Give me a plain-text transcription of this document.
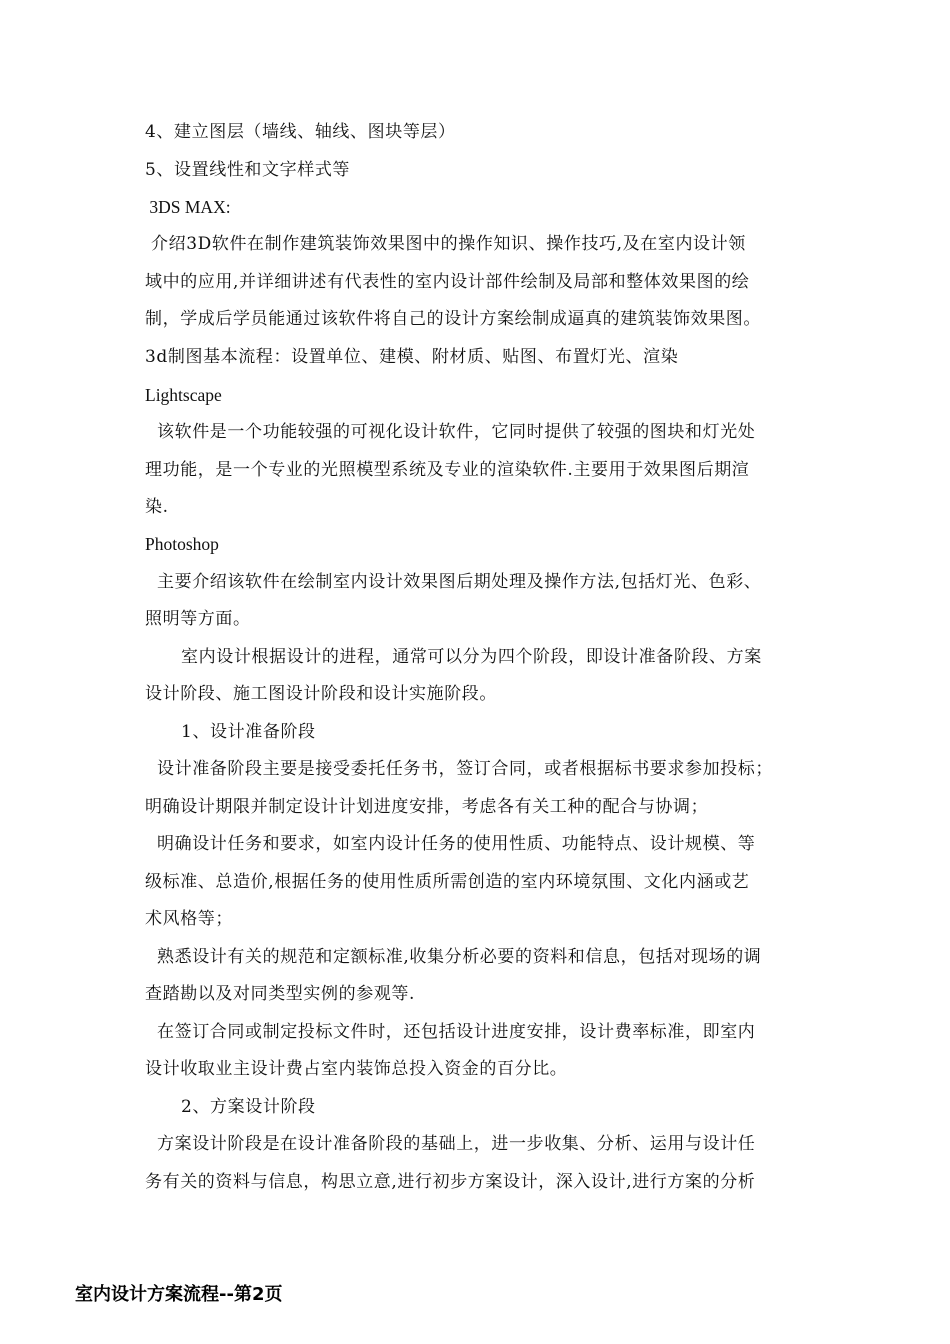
4、建立图层（墙线、轴线、图块等层）
5、设置线性和文字样式等
3DS MAX:
介绍3D软件在制作建筑装饰效果图中的操作知识、操作技巧,及在室内设计领
域中的应用,并详细讲述有代表性的室内设计部件绘制及局部和整体效果图的绘
制，学成后学员能通过该软件将自己的设计方案绘制成逼真的建筑装饰效果图。
3d制图基本流程：设置单位、建模、附材质、贴图、布置灯光、渲染
Lightscape
该软件是一个功能较强的可视化设计软件，它同时提供了较强的图块和灯光处
理功能，是一个专业的光照模型系统及专业的渲染软件.主要用于效果图后期渲
染.
Photoshop
主要介绍该软件在绘制室内设计效果图后期处理及操作方法,包括灯光、色彩、
照明等方面。
室内设计根据设计的进程，通常可以分为四个阶段，即设计准备阶段、方案
设计阶段、施工图设计阶段和设计实施阶段。
1、设计准备阶段
设计准备阶段主要是接受委托任务书，签订合同，或者根据标书要求参加投标；
明确设计期限并制定设计计划进度安排，考虑各有关工种的配合与协调；
明确设计任务和要求，如室内设计任务的使用性质、功能特点、设计规模、等
级标准、总造价,根据任务的使用性质所需创造的室内环境氛围、文化内涵或艺
术风格等；
熟悉设计有关的规范和定额标准,收集分析必要的资料和信息，包括对现场的调
查踏勘以及对同类型实例的参观等.
在签订合同或制定投标文件时，还包括设计进度安排，设计费率标准，即室内
设计收取业主设计费占室内装饰总投入资金的百分比。
2、方案设计阶段
方案设计阶段是在设计准备阶段的基础上，进一步收集、分析、运用与设计任
务有关的资料与信息，构思立意,进行初步方案设计，深入设计,进行方案的分析
室内设计方案流程--第2页
